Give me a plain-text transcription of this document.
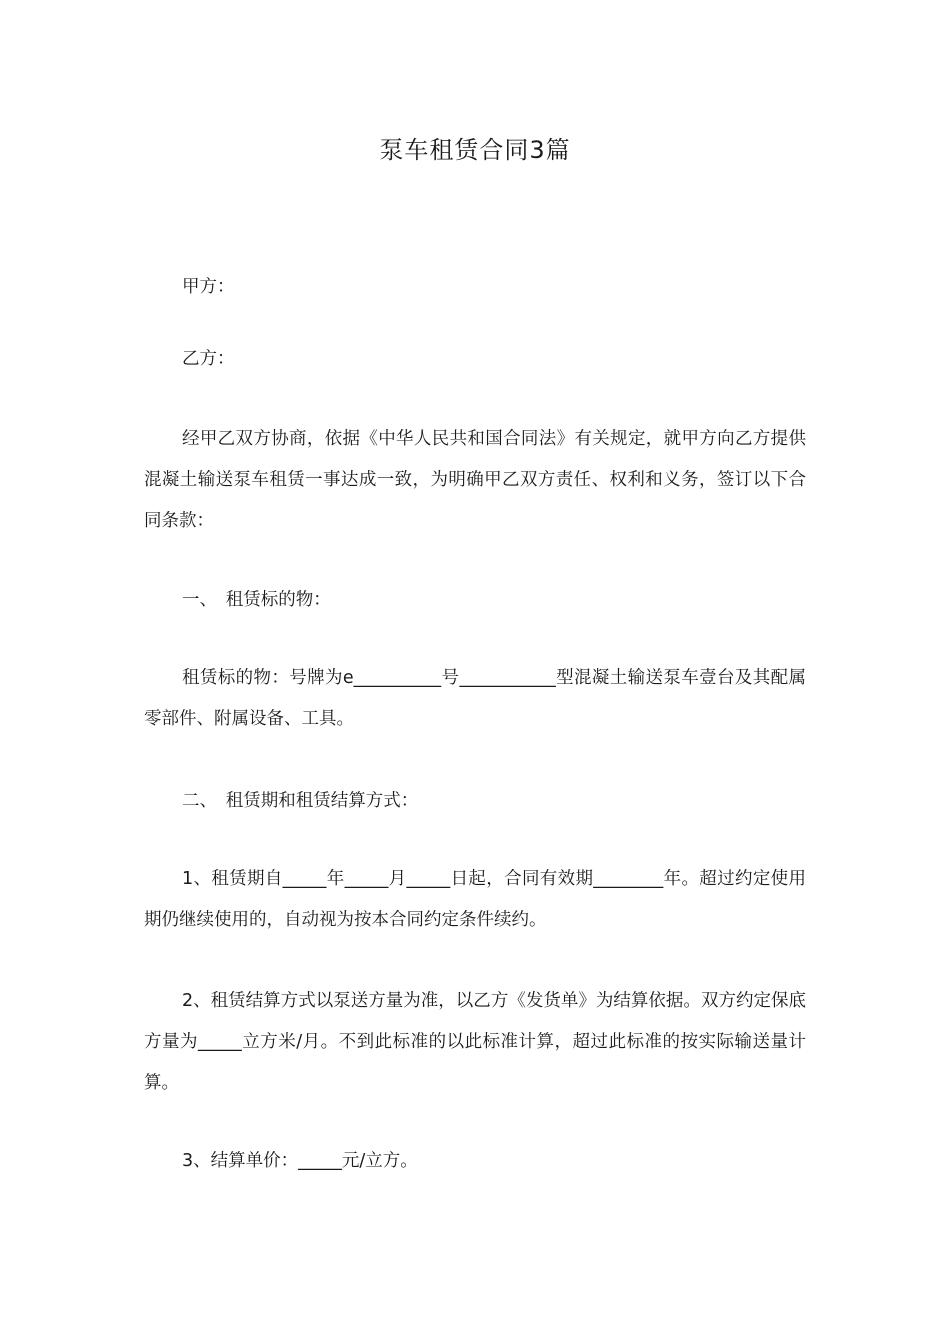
泵车租赁合同3篇
甲方：
乙方：
经甲乙双方协商，依据《中华人民共和国合同法》有关规定，就甲方向乙方提供混凝土输送泵车租赁一事达成一致，为明确甲乙双方责任、权利和义务，签订以下合同条款：
一、　租赁标的物：
租赁标的物：号牌为e__________号___________型混凝土输送泵车壹台及其配属零部件、附属设备、工具。
二、　租赁期和租赁结算方式：
1、租赁期自_____年_____月_____日起，合同有效期________年。超过约定使用期仍继续使用的，自动视为按本合同约定条件续约。
2、租赁结算方式以泵送方量为准，以乙方《发货单》为结算依据。双方约定保底方量为_____立方米/月。不到此标准的以此标准计算，超过此标准的按实际输送量计算。
3、结算单价：_____元/立方。
